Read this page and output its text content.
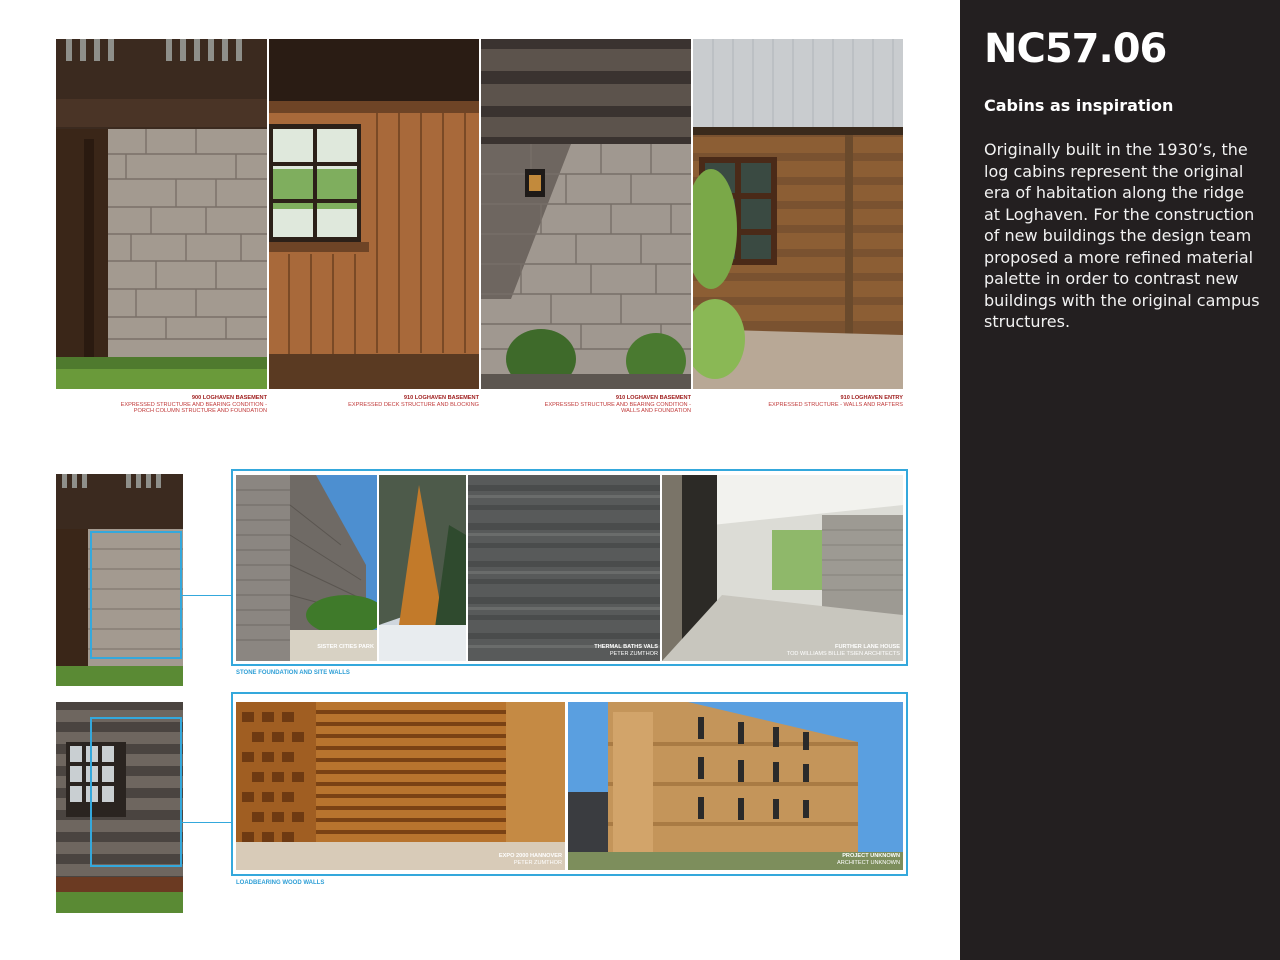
900 LOGHAVEN BASEMENT
EXPRESSED STRUCTURE AND BEARING CONDITION -
PORCH COLUMN STRUCTURE AND FOUNDATION
910 LOGHAVEN BASEMENT
EXPRESSED DECK STRUCTURE AND BLOCKING
910 LOGHAVEN BASEMENT
EXPRESSED STRUCTURE AND BEARING CONDITION -
WALLS AND FOUNDATION
910 LOGHAVEN ENTRY
EXPRESSED STRUCTURE - WALLS AND RAFTERS
SISTER CITIES PARK	THERMAL BATHS VALS
PETER ZUMTHOR
FURTHER LANE HOUSE
TOD WILLIAMS BILLIE TSIEN ARCHITECTS
STONE FOUNDATION AND SITE WALLS
EXPO 2000 HANNOVER
PETER ZUMTHOR
PROJECT UNKNOWN
ARCHITECT UNKNOWN
LOADBEARING WOOD WALLS
NC57.06
Cabins as inspiration
Originally built in the 1930’s, the log cabins represent the original era of habitation along the ridge at Loghaven. For the construction of new buildings the design team proposed a more refined material palette in order to contrast new buildings with the original campus structures.
